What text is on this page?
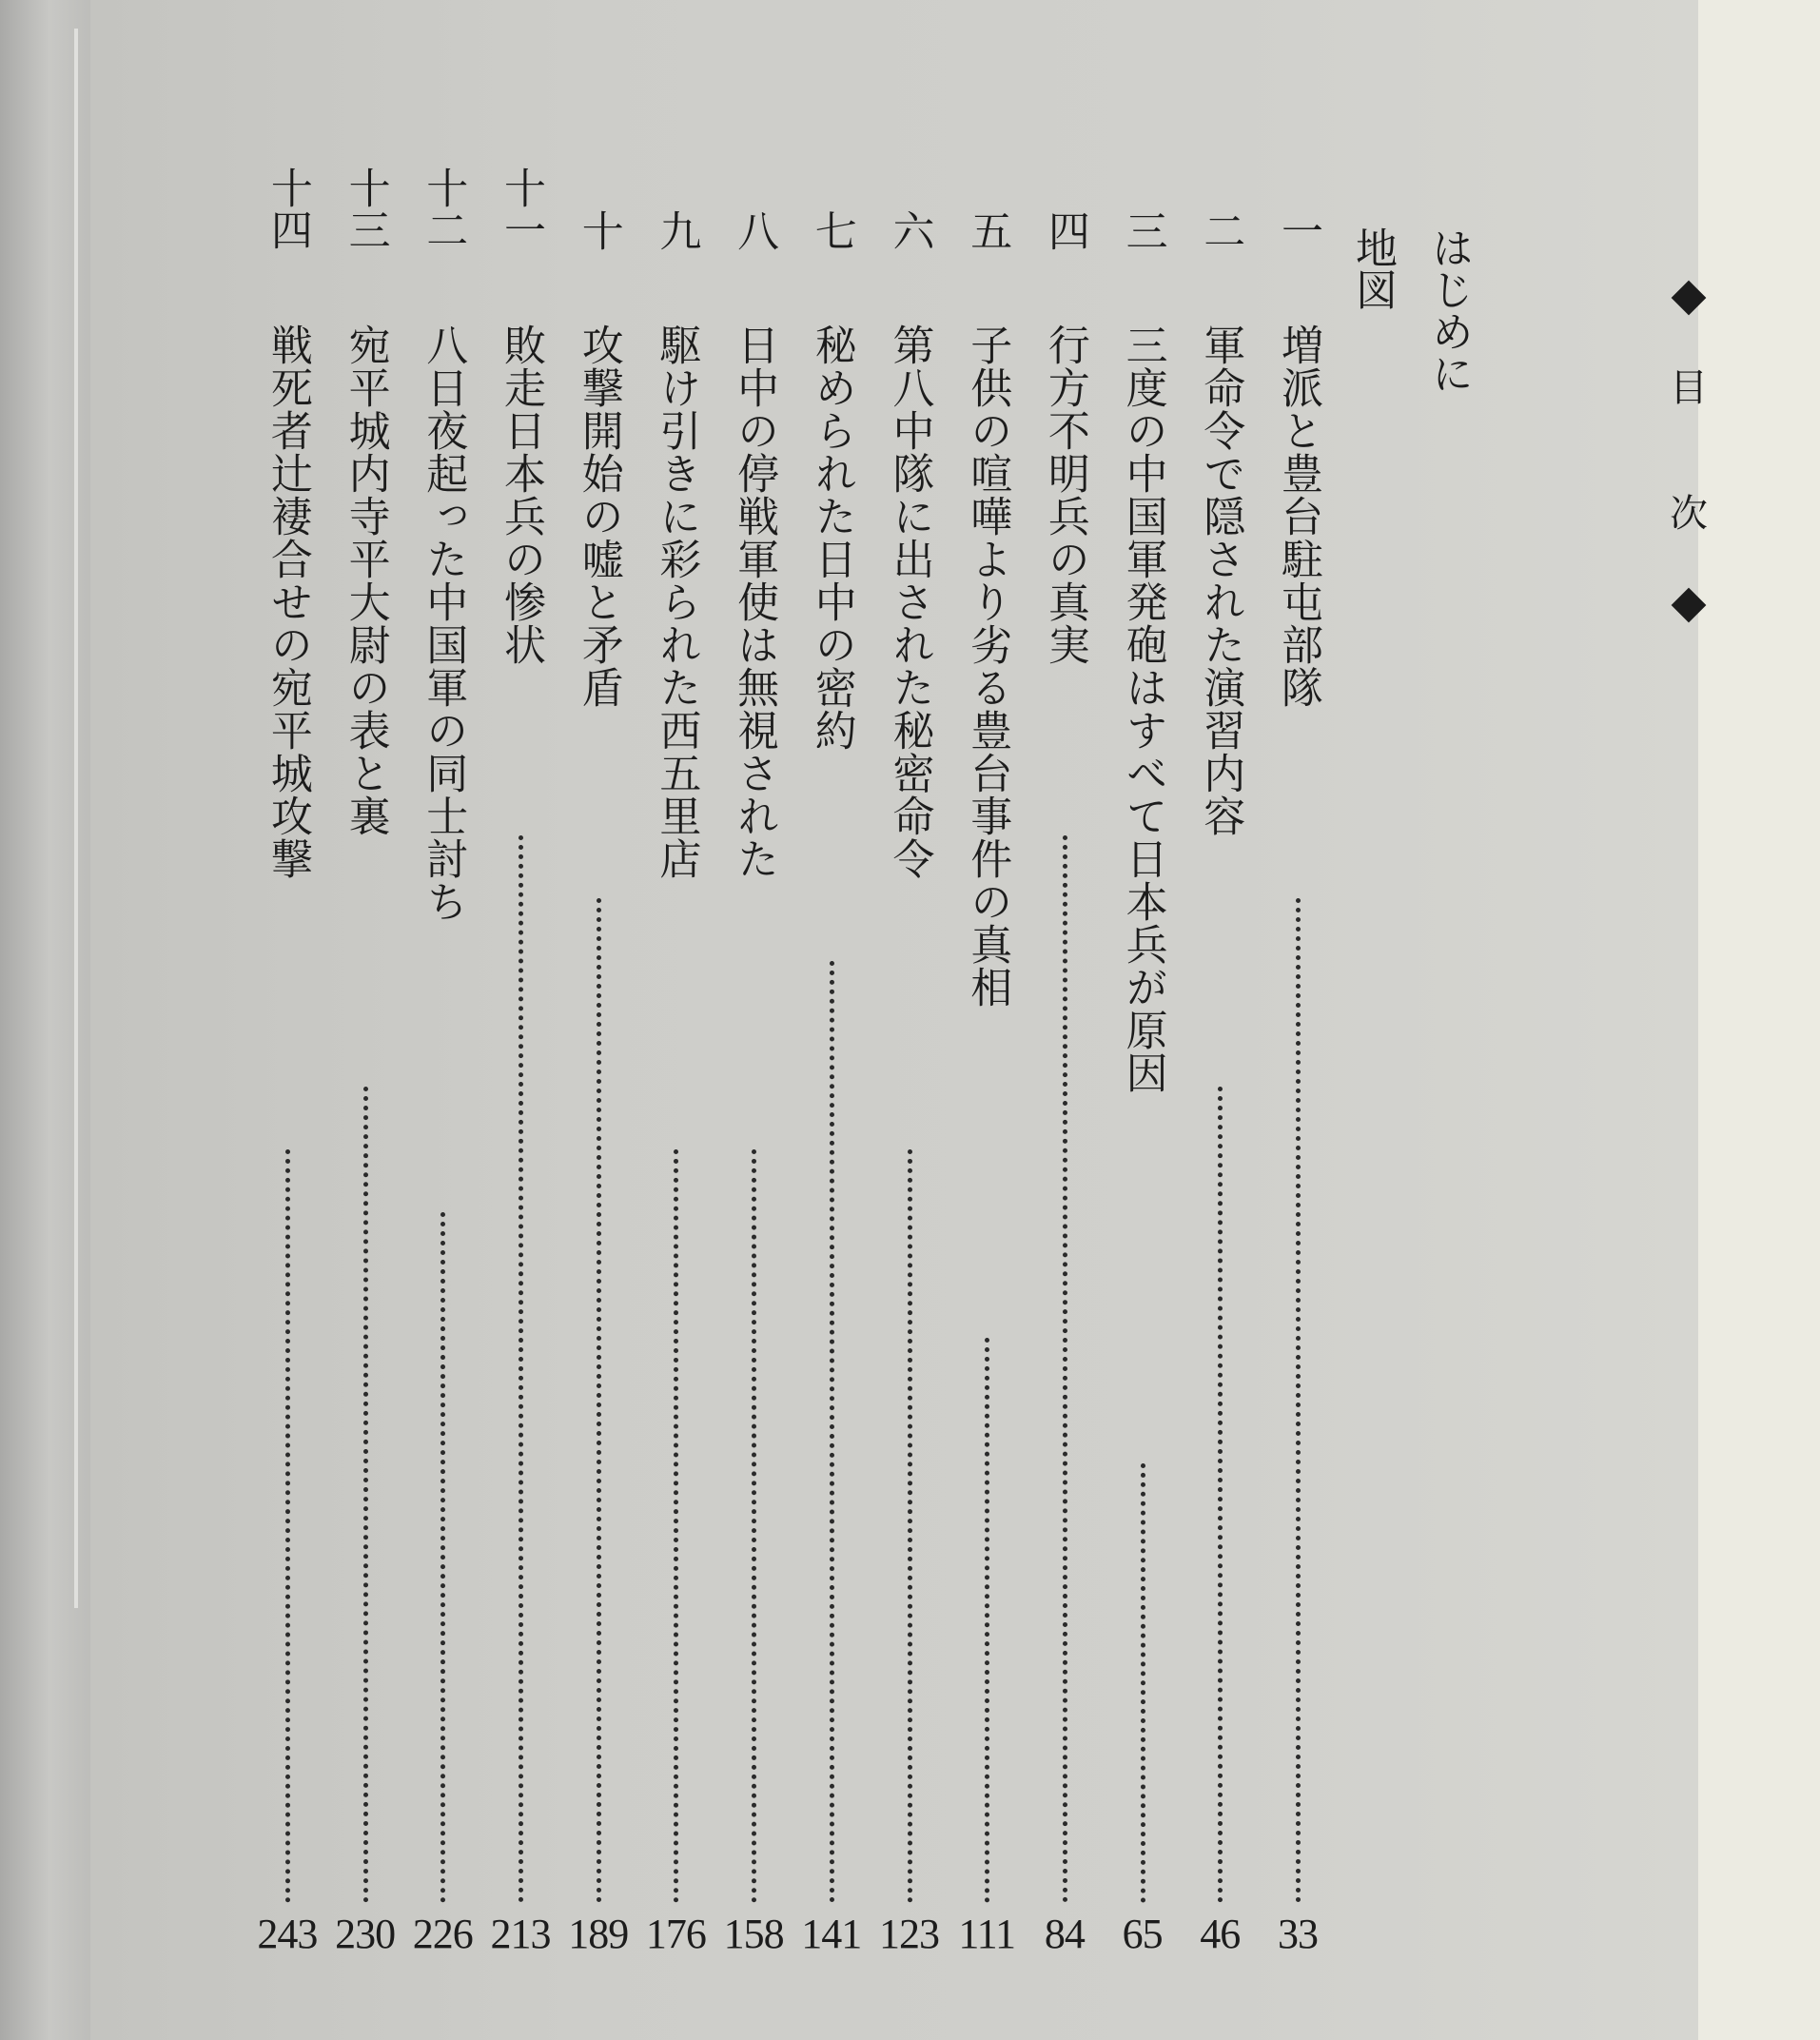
目
次
はじめに
地図
一
増派と豊台駐屯部隊
33
二
軍命令で隠された演習内容
46
三
三度の中国軍発砲はすべて日本兵が原因
65
四
行方不明兵の真実
84
五
子供の喧嘩より劣る豊台事件の真相
111
六
第八中隊に出された秘密命令
123
七
秘められた日中の密約
141
八
日中の停戦軍使は無視された
158
九
駆け引きに彩られた西五里店
176
十
攻撃開始の嘘と矛盾
189
十一
敗走日本兵の惨状
213
十二
八日夜起った中国軍の同士討ち
226
十三
宛平城内寺平大尉の表と裏
230
十四
戦死者辻褄合せの宛平城攻撃
243
